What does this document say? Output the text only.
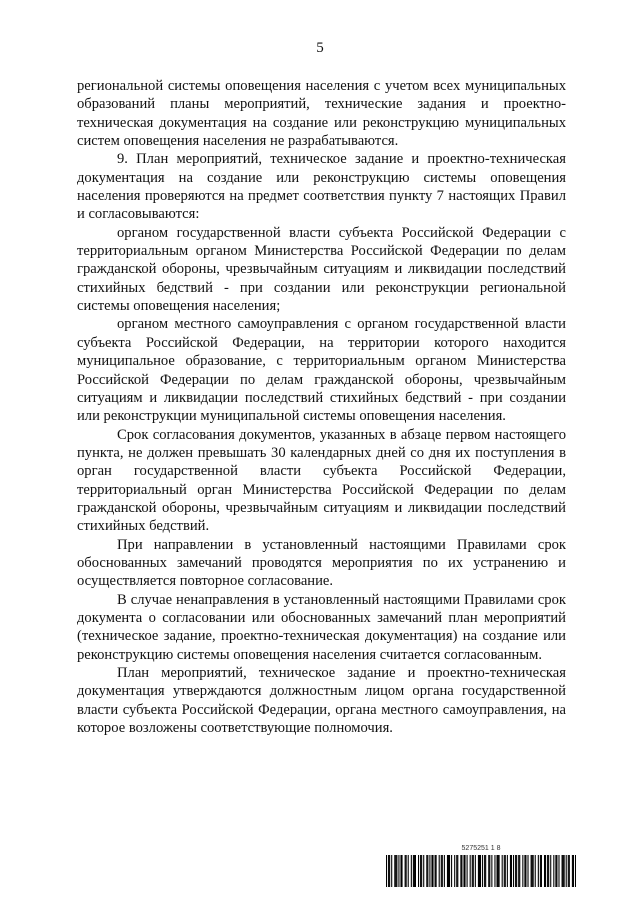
5

региональной системы оповещения населения с учетом всех муниципальных образований планы мероприятий, технические задания и проектно-техническая документация на создание или реконструкцию муниципальных систем оповещения населения не разрабатываются.

9. План мероприятий, техническое задание и проектно-техническая документация на создание или реконструкцию системы оповещения населения проверяются на предмет соответствия пункту 7 настоящих Правил и согласовываются:

органом государственной власти субъекта Российской Федерации с территориальным органом Министерства Российской Федерации по делам гражданской обороны, чрезвычайным ситуациям и ликвидации последствий стихийных бедствий - при создании или реконструкции региональной системы оповещения населения;

органом местного самоуправления с органом государственной власти субъекта Российской Федерации, на территории которого находится муниципальное образование, с территориальным органом Министерства Российской Федерации по делам гражданской обороны, чрезвычайным ситуациям и ликвидации последствий стихийных бедствий - при создании или реконструкции муниципальной системы оповещения населения.

Срок согласования документов, указанных в абзаце первом настоящего пункта, не должен превышать 30 календарных дней со дня их поступления в орган государственной власти субъекта Российской Федерации, территориальный орган Министерства Российской Федерации по делам гражданской обороны, чрезвычайным ситуациям и ликвидации последствий стихийных бедствий.

При направлении в установленный настоящими Правилами срок обоснованных замечаний проводятся мероприятия по их устранению и осуществляется повторное согласование.

В случае ненаправления в установленный настоящими Правилами срок документа о согласовании или обоснованных замечаний план мероприятий (техническое задание, проектно-техническая документация) на создание или реконструкцию системы оповещения населения считается согласованным.

План мероприятий, техническое задание и проектно-техническая документация утверждаются должностным лицом органа государственной власти субъекта Российской Федерации, органа местного самоуправления, на которое возложены соответствующие полномочия.

5275251 1 8
